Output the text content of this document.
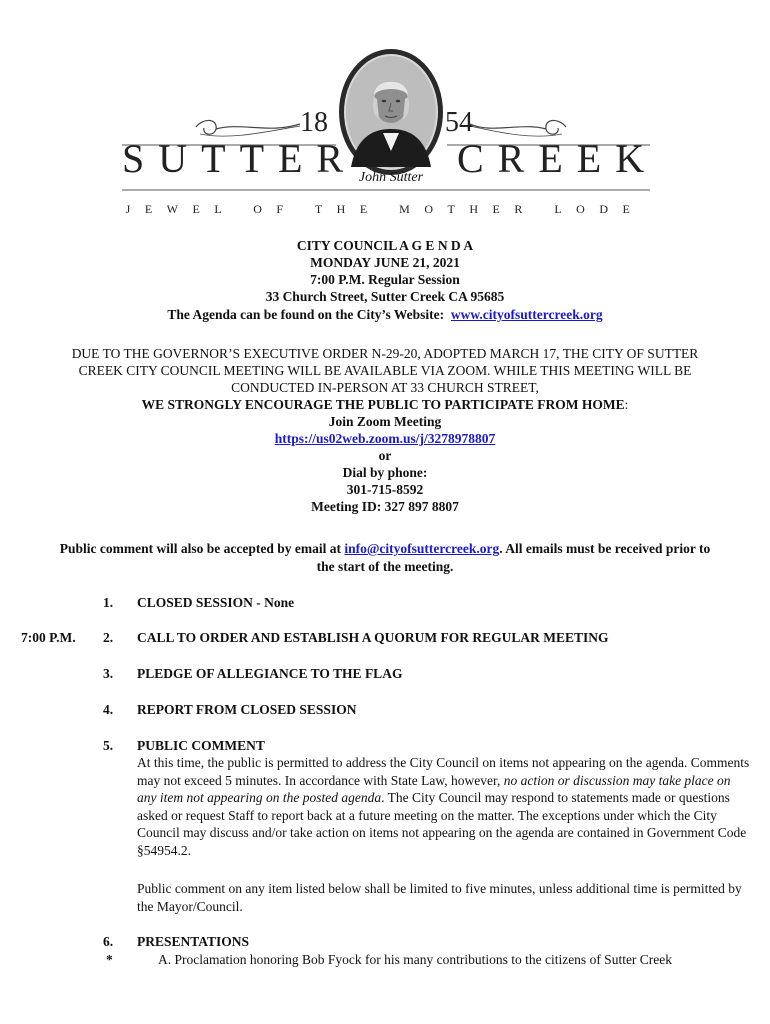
18	54
SUTTER CREEK
John Sutter
JEWEL OF THE MOTHER LODE
CITY COUNCIL A G E N D A
MONDAY JUNE 21, 2021
7:00 P.M. Regular Session
33 Church Street, Sutter Creek CA 95685
The Agenda can be found on the City’s Website: www.cityofsuttercreek.org
DUE TO THE GOVERNOR’S EXECUTIVE ORDER N-29-20, ADOPTED MARCH 17, THE CITY OF SUTTER CREEK CITY COUNCIL MEETING WILL BE AVAILABLE VIA ZOOM. WHILE THIS MEETING WILL BE CONDUCTED IN-PERSON AT 33 CHURCH STREET,
WE STRONGLY ENCOURAGE THE PUBLIC TO PARTICIPATE FROM HOME:
Join Zoom Meeting
https://us02web.zoom.us/j/3278978807
or
Dial by phone:
301-715-8592
Meeting ID: 327 897 8807
Public comment will also be accepted by email at info@cityofsuttercreek.org. All emails must be received prior to the start of the meeting.
1. CLOSED SESSION - None
7:00 P.M. 2. CALL TO ORDER AND ESTABLISH A QUORUM FOR REGULAR MEETING
3. PLEDGE OF ALLEGIANCE TO THE FLAG
4. REPORT FROM CLOSED SESSION
5. PUBLIC COMMENT
At this time, the public is permitted to address the City Council on items not appearing on the agenda. Comments may not exceed 5 minutes. In accordance with State Law, however, no action or discussion may take place on any item not appearing on the posted agenda. The City Council may respond to statements made or questions asked or request Staff to report back at a future meeting on the matter. The exceptions under which the City Council may discuss and/or take action on items not appearing on the agenda are contained in Government Code §54954.2.
Public comment on any item listed below shall be limited to five minutes, unless additional time is permitted by the Mayor/Council.
6. PRESENTATIONS
*	A. Proclamation honoring Bob Fyock for his many contributions to the citizens of Sutter Creek
